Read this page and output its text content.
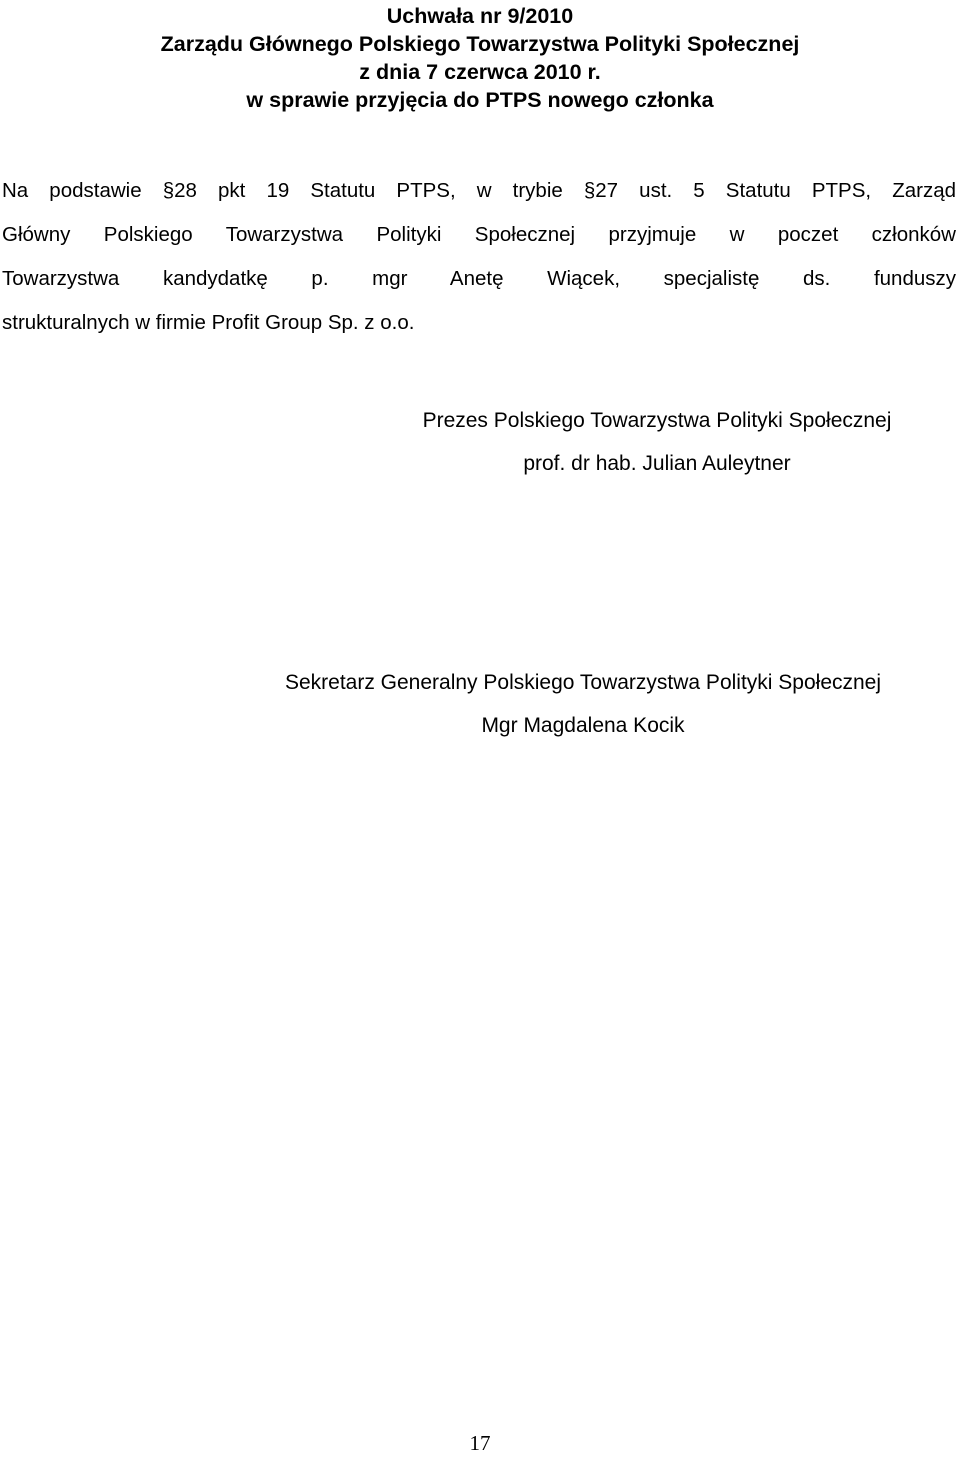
Uchwała nr 9/2010
Zarządu Głównego Polskiego Towarzystwa Polityki Społecznej
z dnia 7 czerwca 2010 r.
w sprawie przyjęcia do PTPS nowego członka
Na podstawie §28 pkt 19 Statutu PTPS, w trybie §27 ust. 5 Statutu PTPS, Zarząd
Główny Polskiego Towarzystwa Polityki Społecznej przyjmuje w poczet członków
Towarzystwa kandydatkę p. mgr Anetę Wiącek, specjalistę ds. funduszy
strukturalnych w firmie Profit Group Sp. z o.o.
Prezes Polskiego Towarzystwa Polityki Społecznej
prof. dr hab. Julian Auleytner
Sekretarz Generalny Polskiego Towarzystwa Polityki Społecznej
Mgr Magdalena Kocik
17
